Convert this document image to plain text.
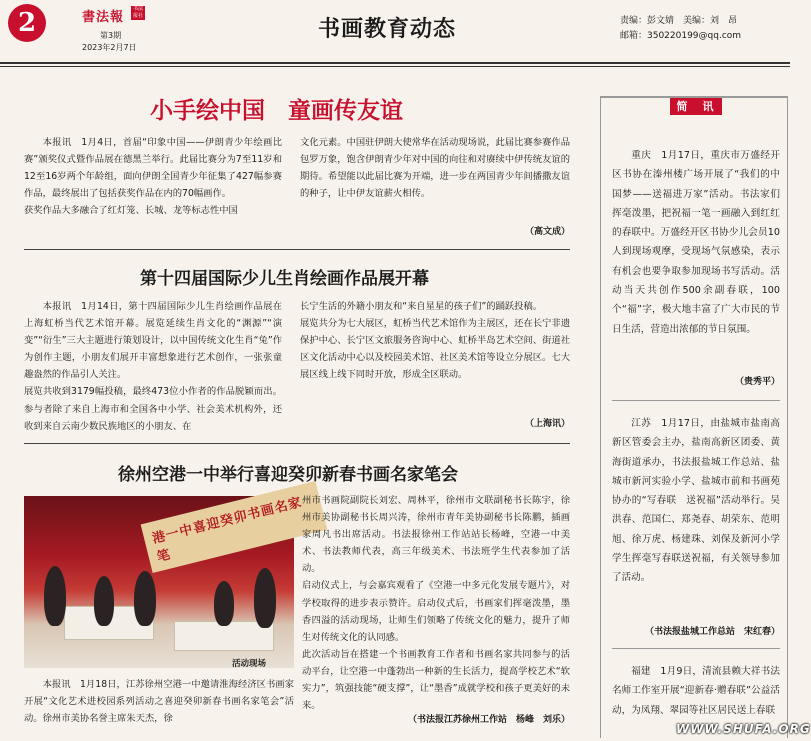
2	書法報
书法报社
第3期
2023年2月7日
书画教育动态	责编：彭文婧　美编：刘　昂
邮箱：350220199@qq.com
小手绘中国　童画传友谊
本报讯　1月4日，首届“印象中国——伊朗青少年绘画比赛”颁奖仪式暨作品展在德黑兰举行。此届比赛分为7至11岁和12至16岁两个年龄组，面向伊朗全国青少年征集了427幅参赛作品，最终展出了包括获奖作品在内的70幅画作。
获奖作品大多融合了红灯笼、长城、龙等标志性中国
文化元素。中国驻伊朗大使常华在活动现场说，此届比赛参赛作品包罗万象，饱含伊朗青少年对中国的向往和对赓续中伊传统友谊的期待。希望能以此届比赛为开端，进一步在两国青少年间播撒友谊的种子，让中伊友谊薪火相传。
（高文成）
第十四届国际少儿生肖绘画作品展开幕
本报讯　1月14日，第十四届国际少儿生肖绘画作品展在上海虹桥当代艺术馆开幕。展览延续生肖文化的“渊源”“演变”“衍生”三大主题进行策划设计，以中国传统文化生肖“兔”作为创作主题，小朋友们展开丰富想象进行艺术创作，一张张童趣盎然的作品引人关注。
展览共收到3179幅投稿，最终473位小作者的作品脱颖而出。参与者除了来自上海市和全国各中小学、社会美术机构外，还收到来自云南少数民族地区的小朋友、在
长宁生活的外籍小朋友和“来自星星的孩子们”的踊跃投稿。
展览共分为七大展区，虹桥当代艺术馆作为主展区，还在长宁非遗保护中心、长宁区文旅服务咨询中心、虹桥半岛艺术空间、街道社区文化活动中心以及校园美术馆、社区美术馆等设立分展区。七大展区线上线下同时开放，形成全区联动。
（上海讯）
徐州空港一中举行喜迎癸卯新春书画名家笔会
港一中喜迎癸卯书画名家笔
活动现场
本报讯　1月18日，江苏徐州空港一中邀请淮海经济区书画家开展“文化艺术进校园系列活动之喜迎癸卯新春书画名家笔会”活动。徐州市美协名誉主席朱天杰，徐
州市书画院副院长刘宏、周林平，徐州市文联副秘书长陈宇，徐州市美协副秘书长周兴涛，徐州市青年美协副秘书长陈鹏，插画家周凡书出席活动。书法报徐州工作站站长杨峰，空港一中美术、书法教师代表，高三年级美术、书法班学生代表参加了活动。
启动仪式上，与会嘉宾观看了《空港一中多元化发展专题片》，对学校取得的进步表示赞许。启动仪式后，书画家们挥毫泼墨，墨香四溢的活动现场，让师生们领略了传统文化的魅力，提升了师生对传统文化的认同感。
此次活动旨在搭建一个书画教育工作者和书画名家共同参与的活动平台，让空港一中蓬勃出一种新的生长活力，提高学校艺术“软实力”，筑强技能“硬支撑”，让“墨香”成就学校和孩子更美好的未来。
（书法报江苏徐州工作站　杨峰　刘乐）
简　讯
重庆　1月17日，重庆市万盛经开区书协在溱州楼广场开展了“我们的中国梦——送福进万家”活动。书法家们挥毫泼墨，把祝福一笔一画融入到红红的春联中。万盛经开区书协少儿会员10人到现场观摩，受现场气氛感染，表示有机会也要争取参加现场书写活动。活动当天共创作500余副春联，100个“福”字，极大地丰富了广大市民的节日生活，营造出浓郁的节日氛围。
（贵秀平）
江苏　1月17日，由盐城市盐南高新区管委会主办，盐南高新区团委、黄海街道承办，书法报盐城工作总站、盐城市新河实验小学、盐城市前和书画苑协办的“写春联　送祝福”活动举行。吴洪春、范国仁、郑尧春、胡荣东、范明旭、徐万虎、杨建珠、刘保及新河小学学生挥毫写春联送祝福，有关领导参加了活动。
（书法报盐城工作总站　宋红春）
福建　1月9日，清流县赖大祥书法名师工作室开展“迎新春·赠春联”公益活动，为凤翔、翠园等社区居民送上春联
WWW.SHUFA.ORG
